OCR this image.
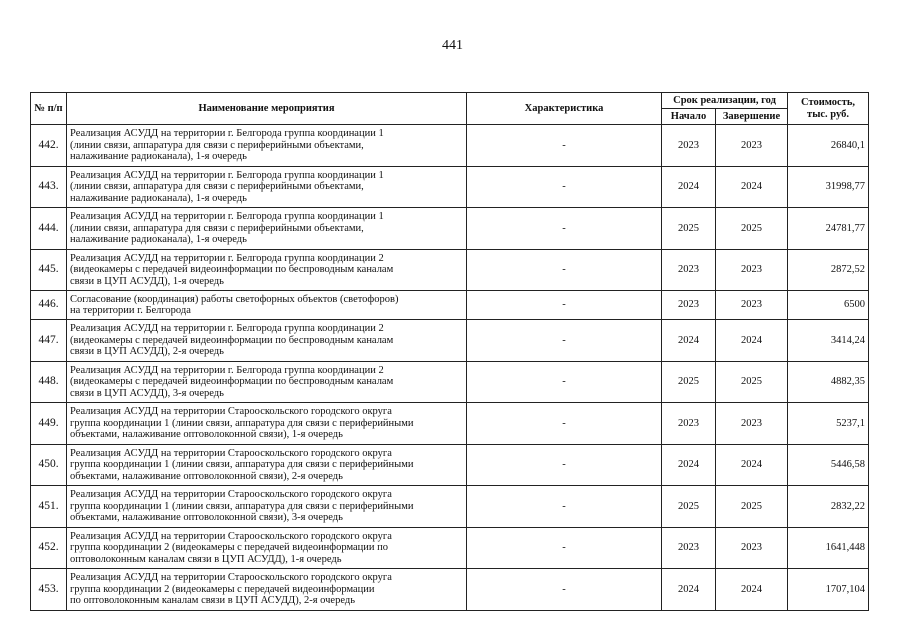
441
№ п/п	Наименование мероприятия	Характеристика	Срок реализации, год		Стоимость, тыс. руб.
			Начало	Завершение	
442.	Реализация АСУДД на территории г. Белгорода группа координации 1
(линии связи, аппаратура для связи с периферийными объектами,
налаживание радиоканала), 1-я очередь	-	2023	2023	26840,1
443.	Реализация АСУДД на территории г. Белгорода группа координации 1
(линии связи, аппаратура для связи с периферийными объектами,
налаживание радиоканала), 1-я очередь	-	2024	2024	31998,77
444.	Реализация АСУДД на территории г. Белгорода группа координации 1
(линии связи, аппаратура для связи с периферийными объектами,
налаживание радиоканала), 1-я очередь	-	2025	2025	24781,77
445.	Реализация АСУДД на территории г. Белгорода группа координации 2
(видеокамеры с передачей видеоинформации по беспроводным каналам
связи в ЦУП АСУДД), 1-я очередь	-	2023	2023	2872,52
446.	Согласование (координация) работы светофорных объектов (светофоров)
на территории г. Белгорода	-	2023	2023	6500
447.	Реализация АСУДД на территории г. Белгорода группа координации 2
(видеокамеры с передачей видеоинформации по беспроводным каналам
связи в ЦУП АСУДД), 2-я очередь	-	2024	2024	3414,24
448.	Реализация АСУДД на территории г. Белгорода группа координации 2
(видеокамеры с передачей видеоинформации по беспроводным каналам
связи в ЦУП АСУДД), 3-я очередь	-	2025	2025	4882,35
449.	Реализация АСУДД на территории Старооскольского городского округа
группа координации 1 (линии связи, аппаратура для связи с периферийными
объектами, налаживание оптоволоконной связи), 1-я очередь	-	2023	2023	5237,1
450.	Реализация АСУДД на территории Старооскольского городского округа
группа координации 1 (линии связи, аппаратура для связи с периферийными
объектами, налаживание оптоволоконной связи), 2-я очередь	-	2024	2024	5446,58
451.	Реализация АСУДД на территории Старооскольского городского округа
группа координации 1 (линии связи, аппаратура для связи с периферийными
объектами, налаживание оптоволоконной связи), 3-я очередь	-	2025	2025	2832,22
452.	Реализация АСУДД на территории Старооскольского городского округа
группа координации 2 (видеокамеры с передачей видеоинформации по
оптоволоконным каналам связи в ЦУП АСУДД), 1-я очередь	-	2023	2023	1641,448
453.	Реализация АСУДД на территории Старооскольского городского округа
группа координации 2 (видеокамеры с передачей видеоинформации
по оптоволоконным каналам связи в ЦУП АСУДД), 2-я очередь	-	2024	2024	1707,104
